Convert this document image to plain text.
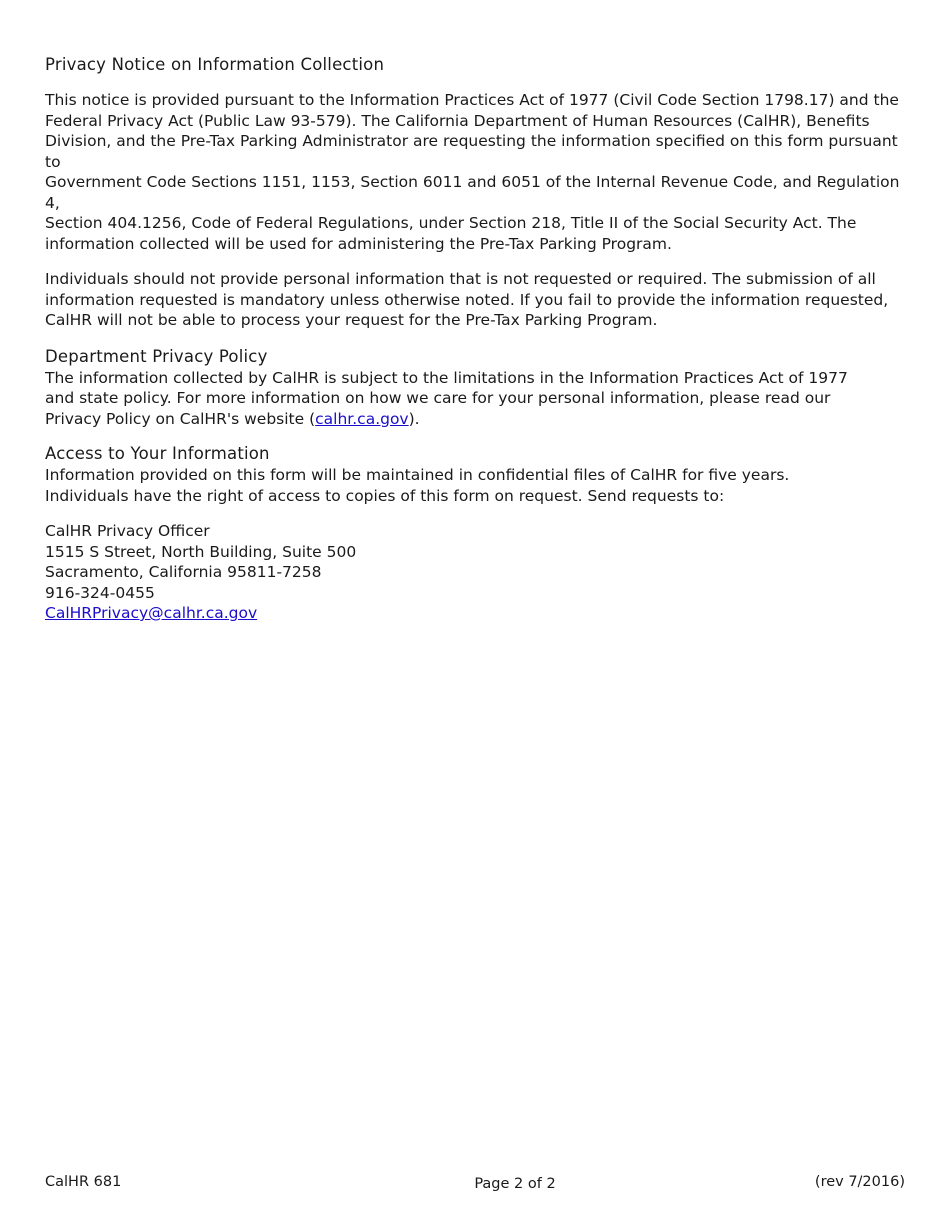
Privacy Notice on Information Collection

This notice is provided pursuant to the Information Practices Act of 1977 (Civil Code Section 1798.17) and the
Federal Privacy Act (Public Law 93-579). The California Department of Human Resources (CalHR), Benefits
Division, and the Pre-Tax Parking Administrator are requesting the information specified on this form pursuant to
Government Code Sections 1151, 1153, Section 6011 and 6051 of the Internal Revenue Code, and Regulation 4,
Section 404.1256, Code of Federal Regulations, under Section 218, Title II of the Social Security Act. The
information collected will be used for administering the Pre-Tax Parking Program.

Individuals should not provide personal information that is not requested or required. The submission of all
information requested is mandatory unless otherwise noted. If you fail to provide the information requested,
CalHR will not be able to process your request for the Pre-Tax Parking Program.

Department Privacy Policy

The information collected by CalHR is subject to the limitations in the Information Practices Act of 1977
and state policy. For more information on how we care for your personal information, please read our
Privacy Policy on CalHR's website (calhr.ca.gov).

Access to Your Information

Information provided on this form will be maintained in confidential files of CalHR for five years.
Individuals have the right of access to copies of this form on request. Send requests to:

CalHR Privacy Officer
1515 S Street, North Building, Suite 500
Sacramento, California 95811-7258
916-324-0455
CalHRPrivacy@calhr.ca.gov

CalHR 681	Page 2 of 2	(rev 7/2016)
